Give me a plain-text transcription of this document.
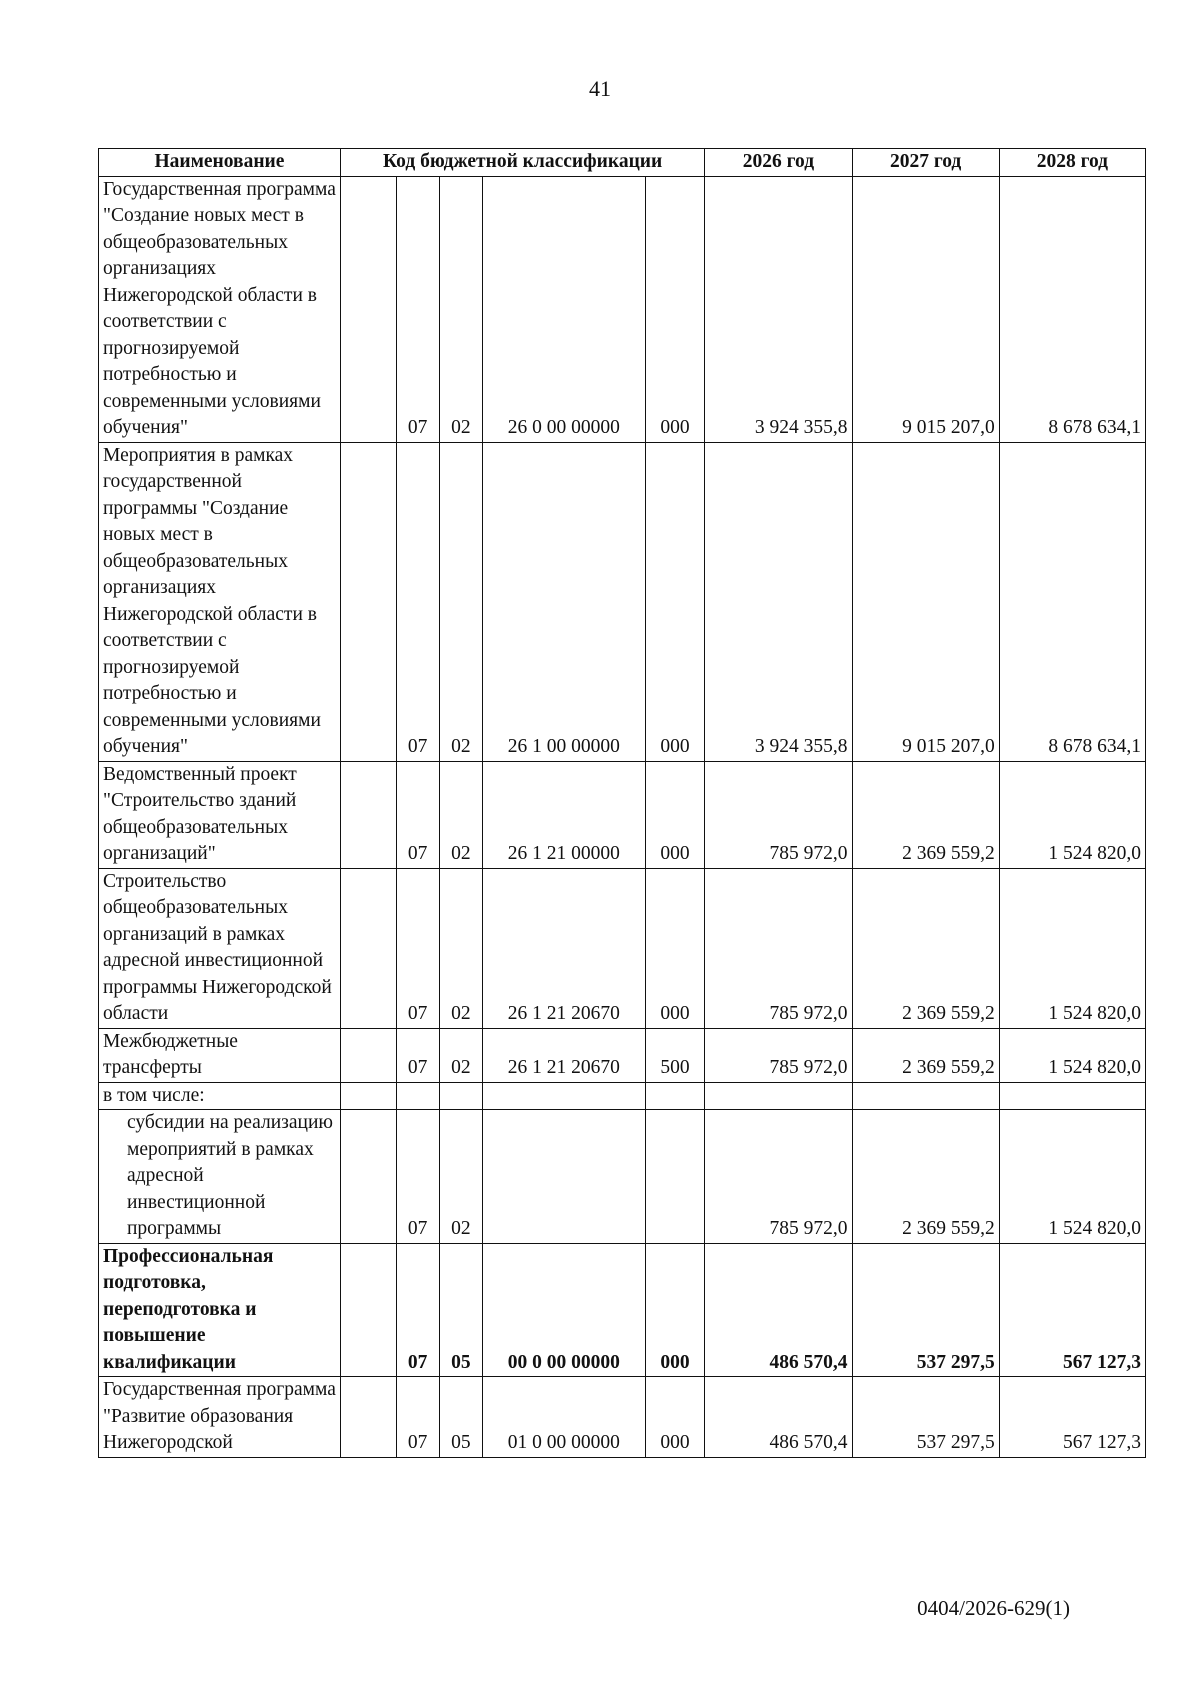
41
Наименование	Код бюджетной классификации					2026 год	2027 год	2028 год
Государственная программа "Создание новых мест в общеобразовательных организациях Нижегородской области в соответствии с прогнозируемой потребностью и современными условиями обучения"		07	02	26 0 00 00000	000	3 924 355,8	9 015 207,0	8 678 634,1
Мероприятия в рамках государственной программы "Создание новых мест в общеобразовательных организациях Нижегородской области в соответствии с прогнозируемой потребностью и современными условиями обучения"		07	02	26 1 00 00000	000	3 924 355,8	9 015 207,0	8 678 634,1
Ведомственный проект "Строительство зданий общеобразовательных организаций"		07	02	26 1 21 00000	000	785 972,0	2 369 559,2	1 524 820,0
Строительство общеобразовательных организаций в рамках адресной инвестиционной программы Нижегородской области		07	02	26 1 21 20670	000	785 972,0	2 369 559,2	1 524 820,0
Межбюджетные трансферты		07	02	26 1 21 20670	500	785 972,0	2 369 559,2	1 524 820,0
в том числе:								
субсидии на реализацию мероприятий в рамках адресной инвестиционной программы		07	02			785 972,0	2 369 559,2	1 524 820,0
Профессиональная подготовка, переподготовка и повышение квалификации		07	05	00 0 00 00000	000	486 570,4	537 297,5	567 127,3
Государственная программа "Развитие образования Нижегородской		07	05	01 0 00 00000	000	486 570,4	537 297,5	567 127,3
0404/2026-629(1)
